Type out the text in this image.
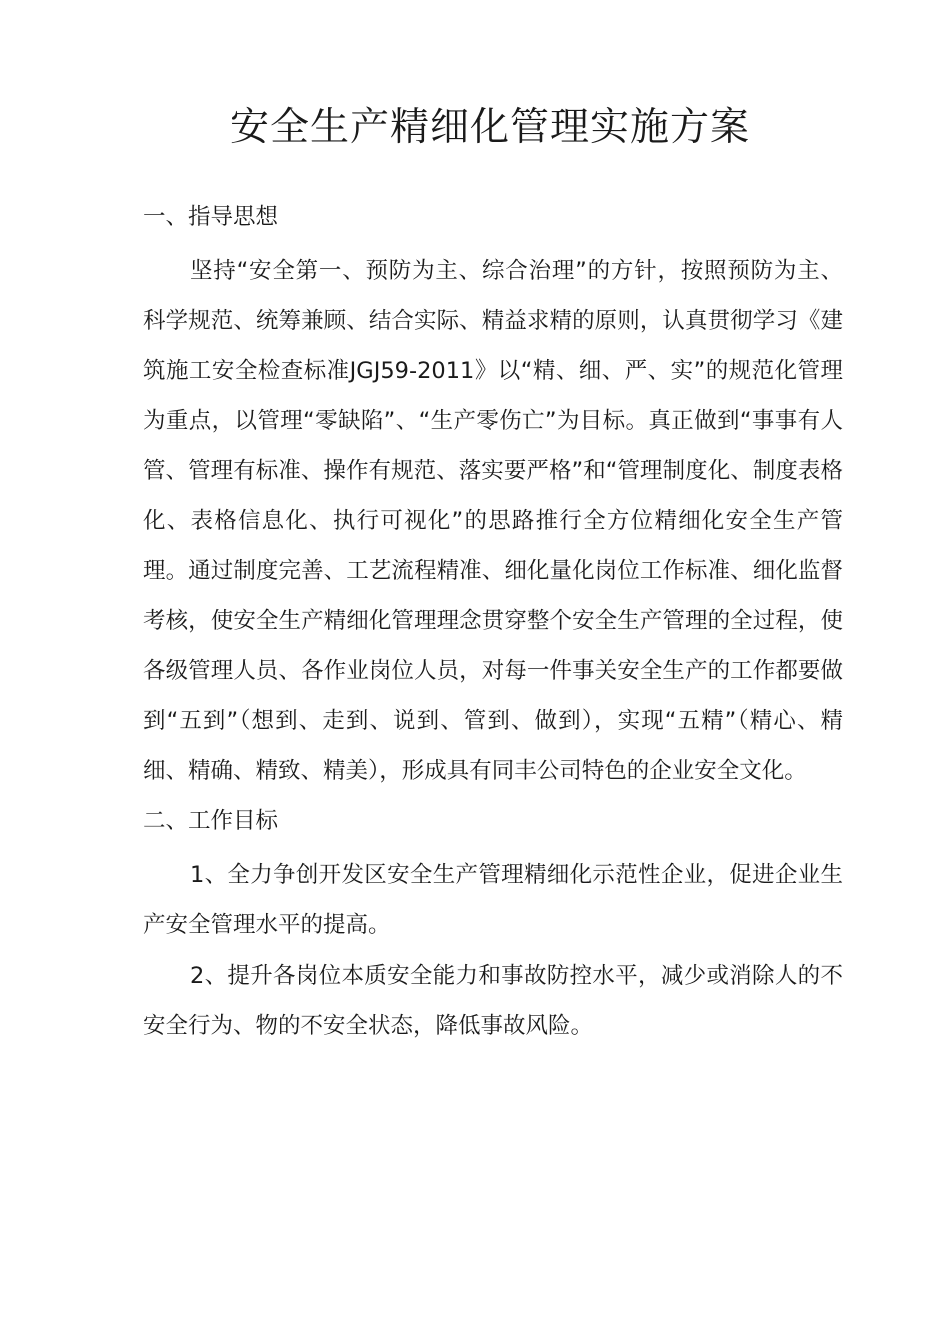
安全生产精细化管理实施方案

一、指导思想

坚持“安全第一、预防为主、综合治理”的方针，按照预防为主、科学规范、统筹兼顾、结合实际、精益求精的原则，认真贯彻学习《建筑施工安全检查标准JGJ59-2011》以“精、细、严、实”的规范化管理为重点，以管理“零缺陷”、“生产零伤亡”为目标。真正做到“事事有人管、管理有标准、操作有规范、落实要严格”和“管理制度化、制度表格化、表格信息化、执行可视化”的思路推行全方位精细化安全生产管理。通过制度完善、工艺流程精准、细化量化岗位工作标准、细化监督考核，使安全生产精细化管理理念贯穿整个安全生产管理的全过程，使各级管理人员、各作业岗位人员，对每一件事关安全生产的工作都要做到“五到”（想到、走到、说到、管到、做到），实现“五精”（精心、精细、精确、精致、精美），形成具有同丰公司特色的企业安全文化。

二、工作目标

1、全力争创开发区安全生产管理精细化示范性企业，促进企业生产安全管理水平的提高。

2、提升各岗位本质安全能力和事故防控水平，减少或消除人的不安全行为、物的不安全状态，降低事故风险。
